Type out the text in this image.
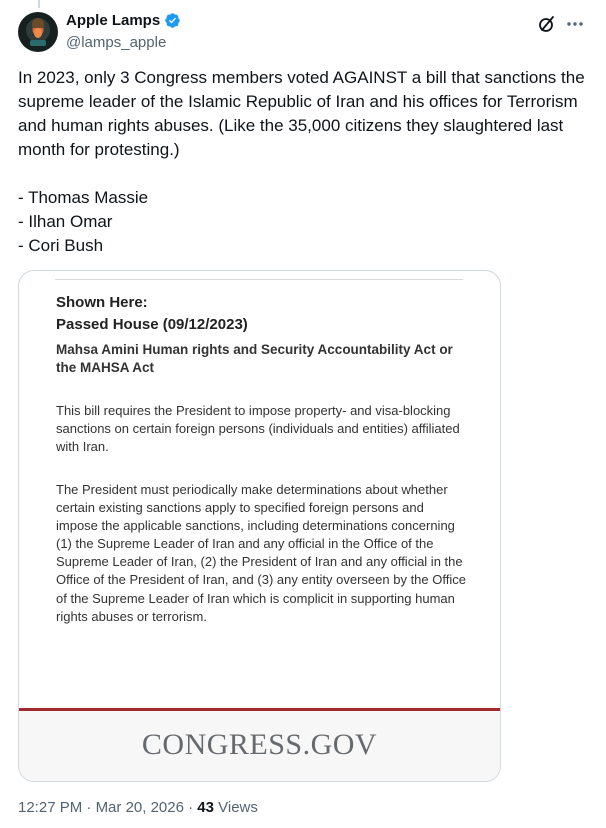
Apple Lamps
@lamps_apple

In 2023, only 3 Congress members voted AGAINST a bill that sanctions the supreme leader of the Islamic Republic of Iran and his offices for Terrorism and human rights abuses. (Like the 35,000 citizens they slaughtered last month for protesting.)

- Thomas Massie
- Ilhan Omar
- Cori Bush

Shown Here:
Passed House (09/12/2023)
Mahsa Amini Human rights and Security Accountability Act or the MAHSA Act
This bill requires the President to impose property- and visa-blocking sanctions on certain foreign persons (individuals and entities) affiliated with Iran.
The President must periodically make determinations about whether certain existing sanctions apply to specified foreign persons and impose the applicable sanctions, including determinations concerning (1) the Supreme Leader of Iran and any official in the Office of the Supreme Leader of Iran, (2) the President of Iran and any official in the Office of the President of Iran, and (3) any entity overseen by the Office of the Supreme Leader of Iran which is complicit in supporting human rights abuses or terrorism.
CONGRESS.GOV
12:27 PM · Mar 20, 2026 · 43 Views
